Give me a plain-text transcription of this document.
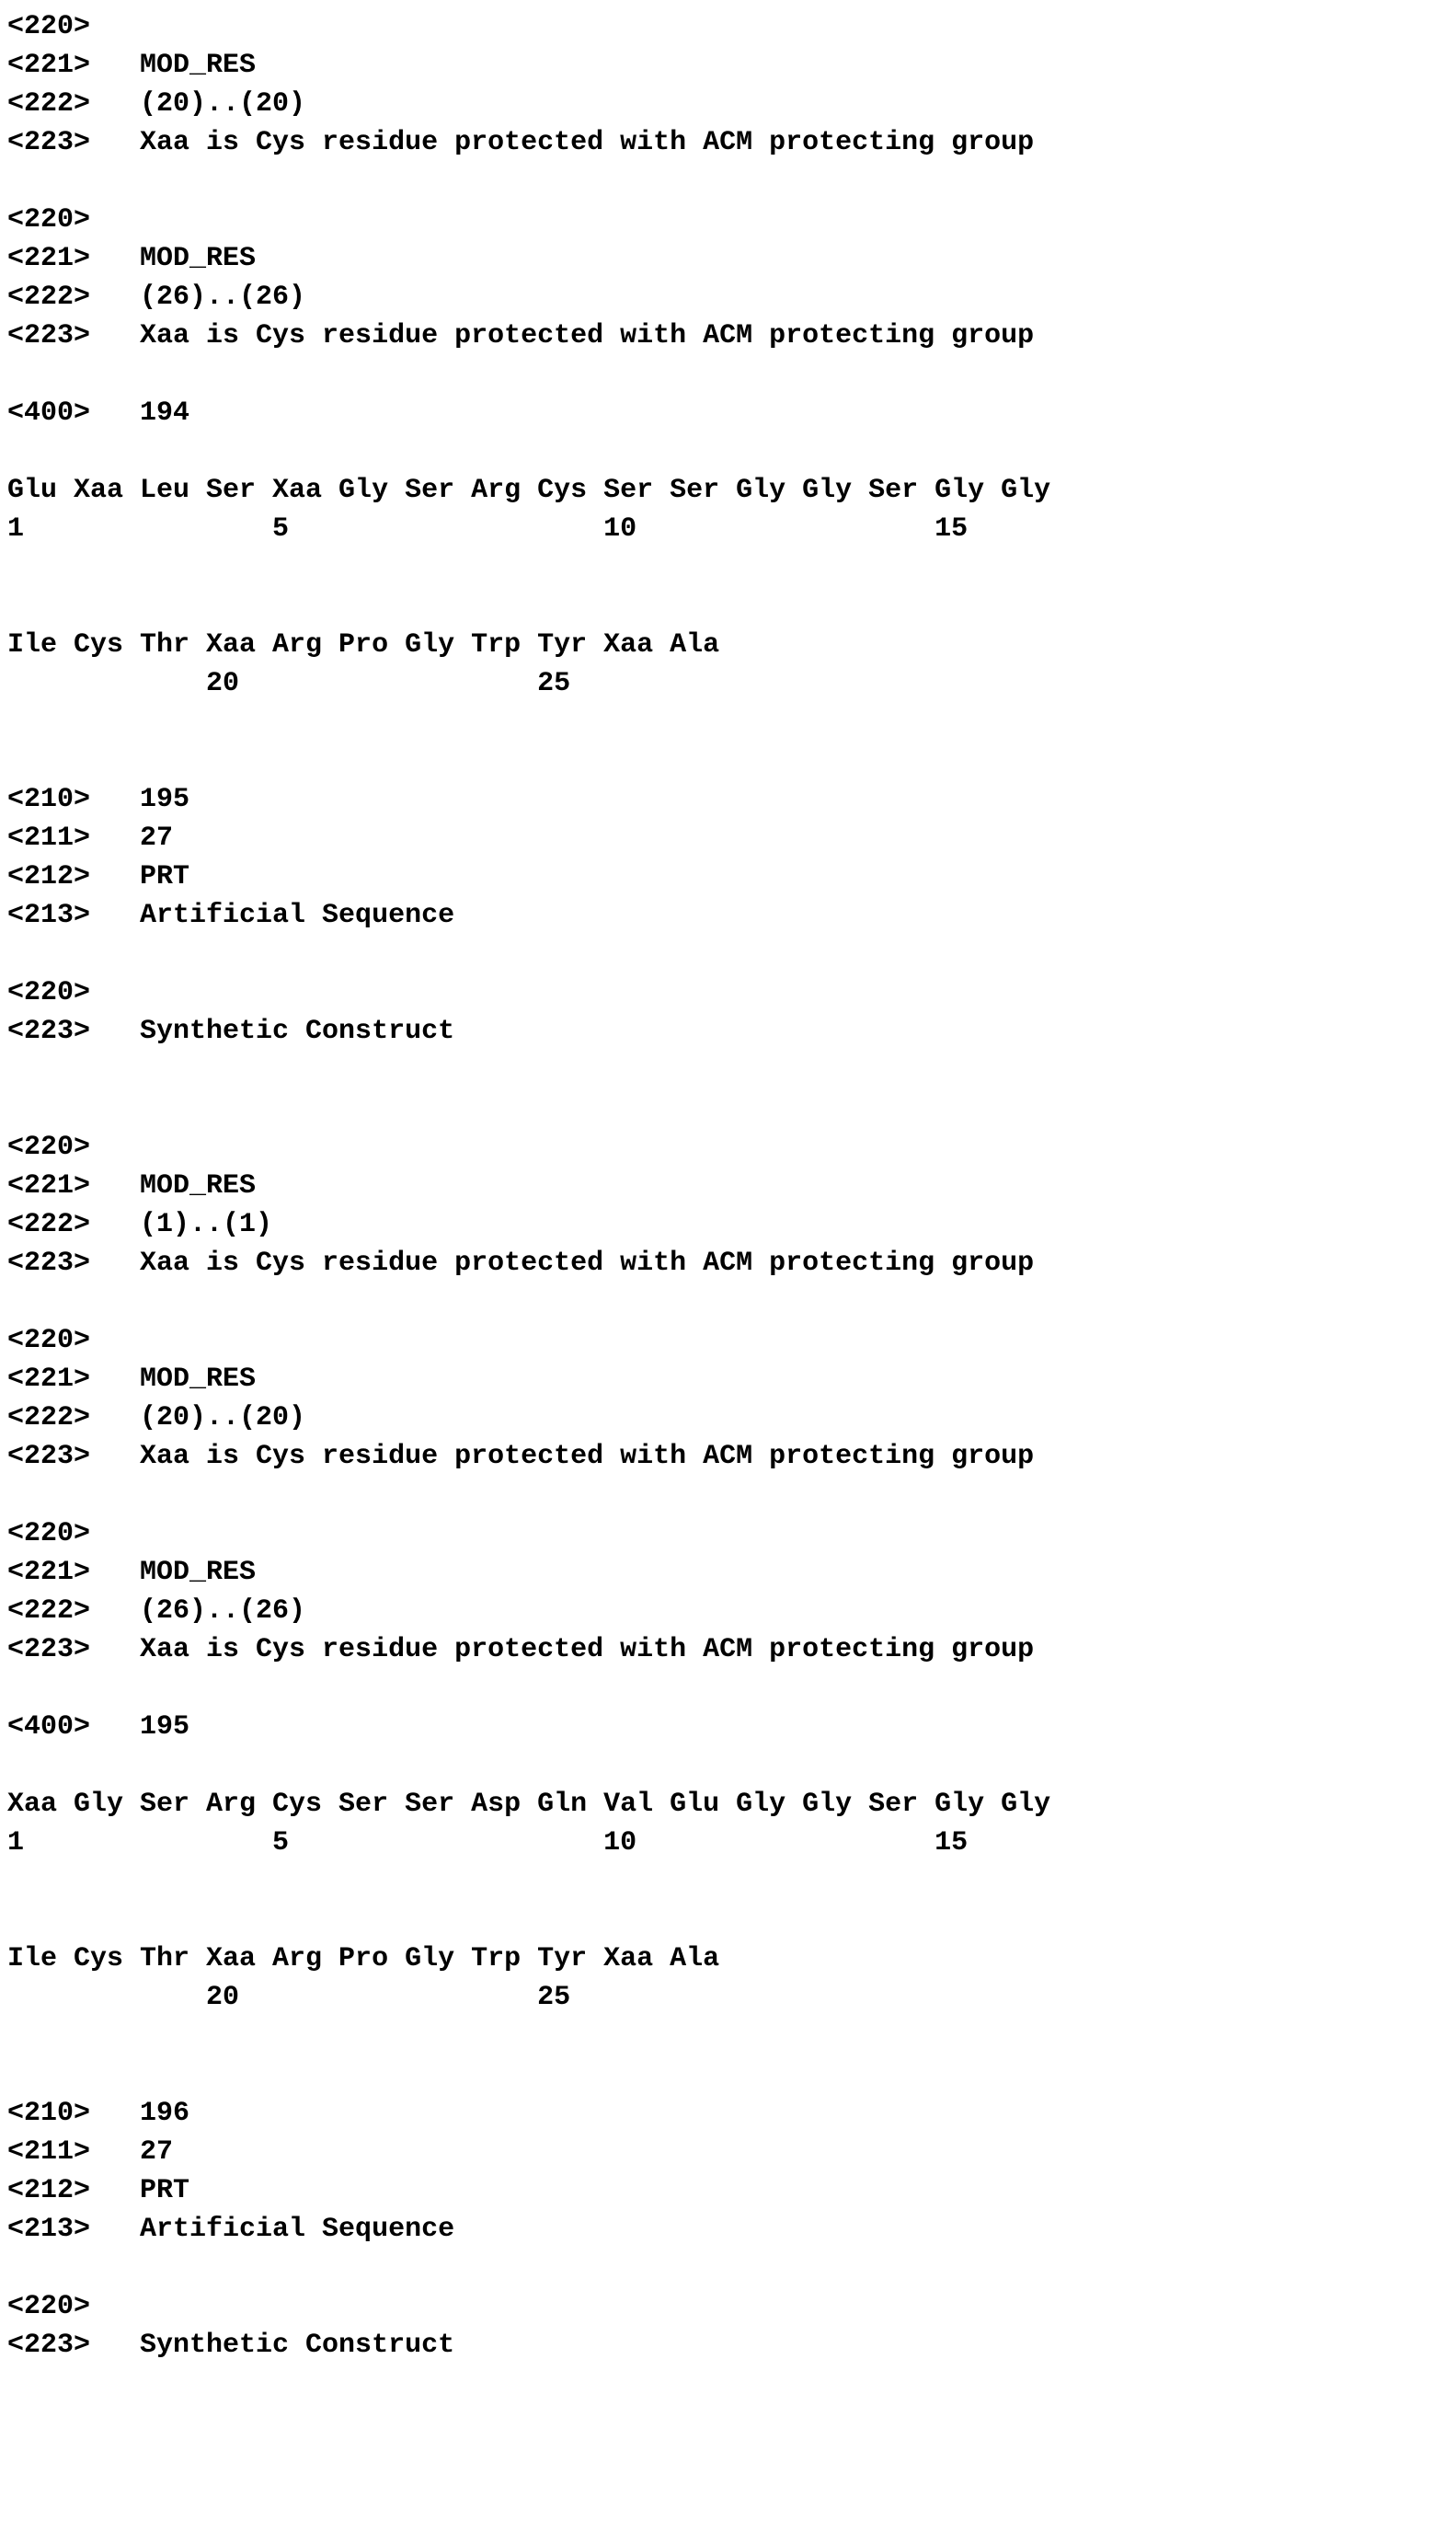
<220>
<221>   MOD_RES
<222>   (20)..(20)
<223>   Xaa is Cys residue protected with ACM protecting group
<220>
<221>   MOD_RES
<222>   (26)..(26)
<223>   Xaa is Cys residue protected with ACM protecting group
<400>   194
Glu Xaa Leu Ser Xaa Gly Ser Arg Cys Ser Ser Gly Gly Ser Gly Gly
1               5                   10                  15
Ile Cys Thr Xaa Arg Pro Gly Trp Tyr Xaa Ala
20                  25
<210>   195
<211>   27
<212>   PRT
<213>   Artificial Sequence
<220>
<223>   Synthetic Construct
<220>
<221>   MOD_RES
<222>   (1)..(1)
<223>   Xaa is Cys residue protected with ACM protecting group
<220>
<221>   MOD_RES
<222>   (20)..(20)
<223>   Xaa is Cys residue protected with ACM protecting group
<220>
<221>   MOD_RES
<222>   (26)..(26)
<223>   Xaa is Cys residue protected with ACM protecting group
<400>   195
Xaa Gly Ser Arg Cys Ser Ser Asp Gln Val Glu Gly Gly Ser Gly Gly
1               5                   10                  15
Ile Cys Thr Xaa Arg Pro Gly Trp Tyr Xaa Ala
20                  25
<210>   196
<211>   27
<212>   PRT
<213>   Artificial Sequence
<220>
<223>   Synthetic Construct
